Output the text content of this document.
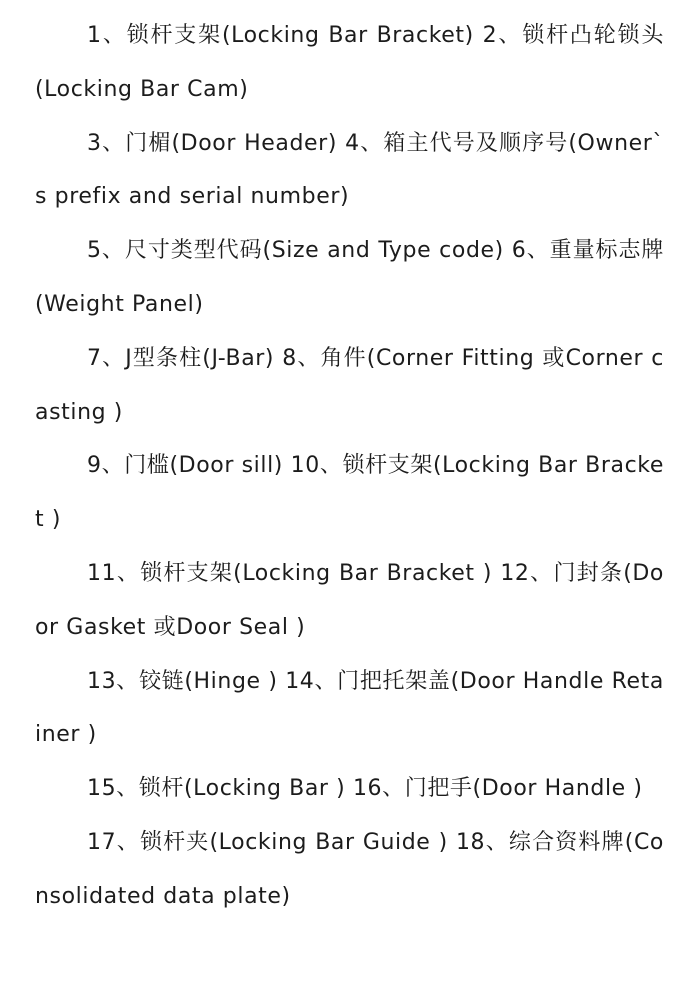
1、锁杆支架(Locking Bar Bracket) 2、锁杆凸轮锁头(Locking Bar Cam)

3、门楣(Door Header) 4、箱主代号及顺序号(Owner`s prefix and serial number)

5、尺寸类型代码(Size and Type code) 6、重量标志牌(Weight Panel)

7、J型条柱(J-Bar) 8、角件(Corner Fitting 或Corner casting )

9、门槛(Door sill) 10、锁杆支架(Locking Bar Bracket )

11、锁杆支架(Locking Bar Bracket ) 12、门封条(Door Gasket 或Door Seal )

13、铰链(Hinge ) 14、门把托架盖(Door Handle Retainer )

15、锁杆(Locking Bar ) 16、门把手(Door Handle )

17、锁杆夹(Locking Bar Guide ) 18、综合资料牌(Consolidated data plate)
